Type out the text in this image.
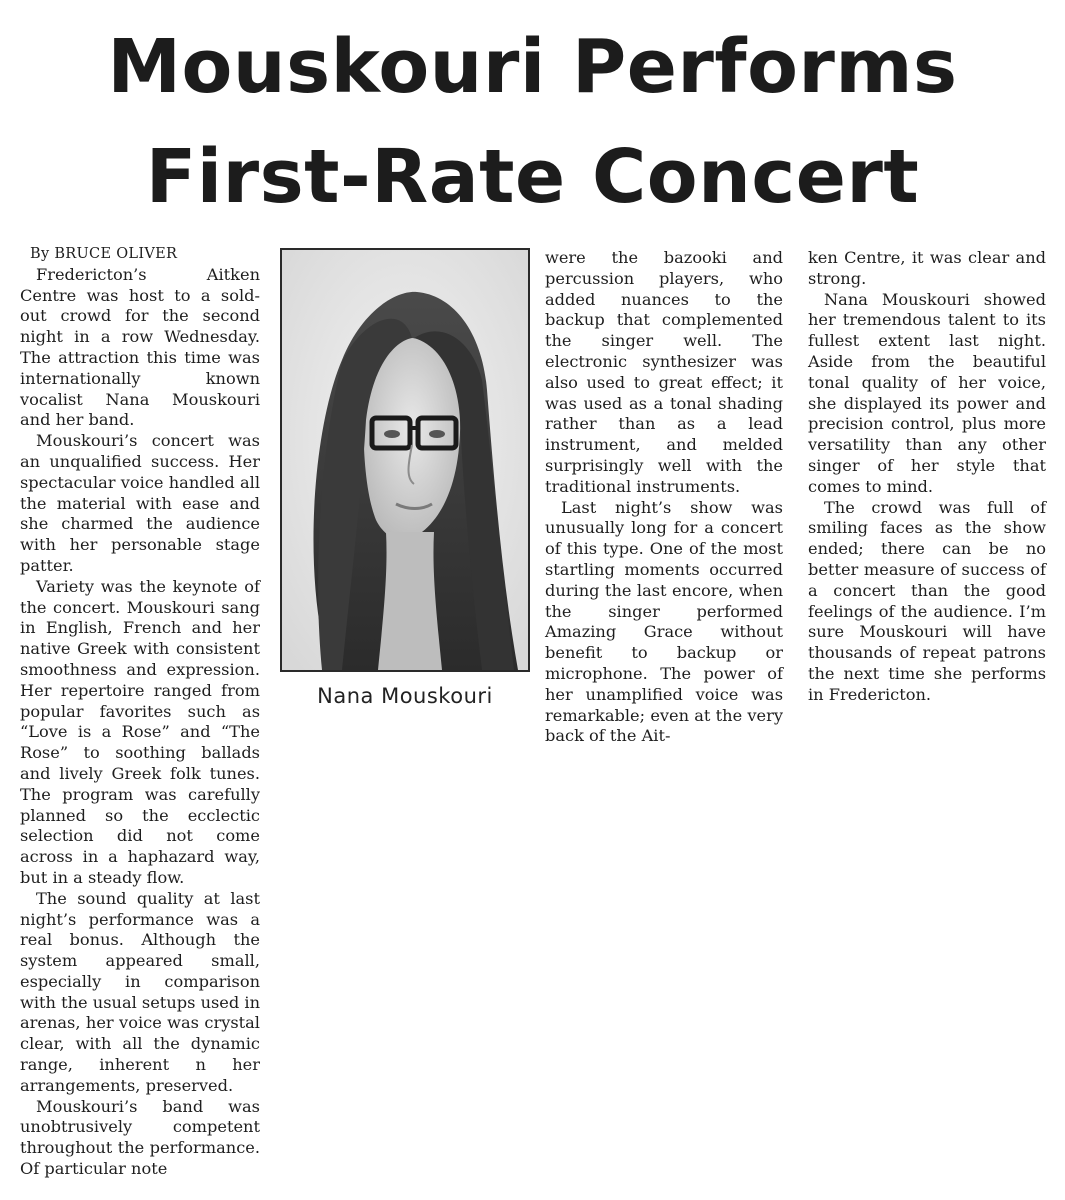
Mouskouri Performs
First-Rate Concert
By BRUCE OLIVER

Fredericton’s Aitken Centre was host to a sold-out crowd for the second night in a row Wednesday. The attraction this time was internationally known vocalist Nana Mouskouri and her band.

Mouskouri’s concert was an unqualified success. Her spectacular voice handled all the material with ease and she charmed the audience with her personable stage patter.

Variety was the keynote of the concert. Mouskouri sang in English, French and her native Greek with consistent smoothness and expression. Her repertoire ranged from popular favorites such as “Love is a Rose” and “The Rose” to soothing ballads and lively Greek folk tunes. The program was carefully planned so the ecclectic selection did not come across in a haphazard way, but in a steady flow.

The sound quality at last night’s performance was a real bonus. Although the system appeared small, especially in comparison with the usual setups used in arenas, her voice was crystal clear, with all the dynamic range, inherent n her arrangements, preserved.

Mouskouri’s band was unobtrusively competent throughout the performance. Of particular note

Nana Mouskouri

were the bazooki and percussion players, who added nuances to the backup that complemented the singer well. The electronic synthesizer was also used to great effect; it was used as a tonal shading rather than as a lead instrument, and melded surprisingly well with the traditional instruments.

Last night’s show was unusually long for a concert of this type. One of the most startling moments occurred during the last encore, when the singer performed Amazing Grace without benefit to backup or microphone. The power of her unamplified voice was remarkable; even at the very back of the Ait-

ken Centre, it was clear and strong.

Nana Mouskouri showed her tremendous talent to its fullest extent last night. Aside from the beautiful tonal quality of her voice, she displayed its power and precision control, plus more versatility than any other singer of her style that comes to mind.

The crowd was full of smiling faces as the show ended; there can be no better measure of success of a concert than the good feelings of the audience. I’m sure Mouskouri will have thousands of repeat patrons the next time she performs in Fredericton.
